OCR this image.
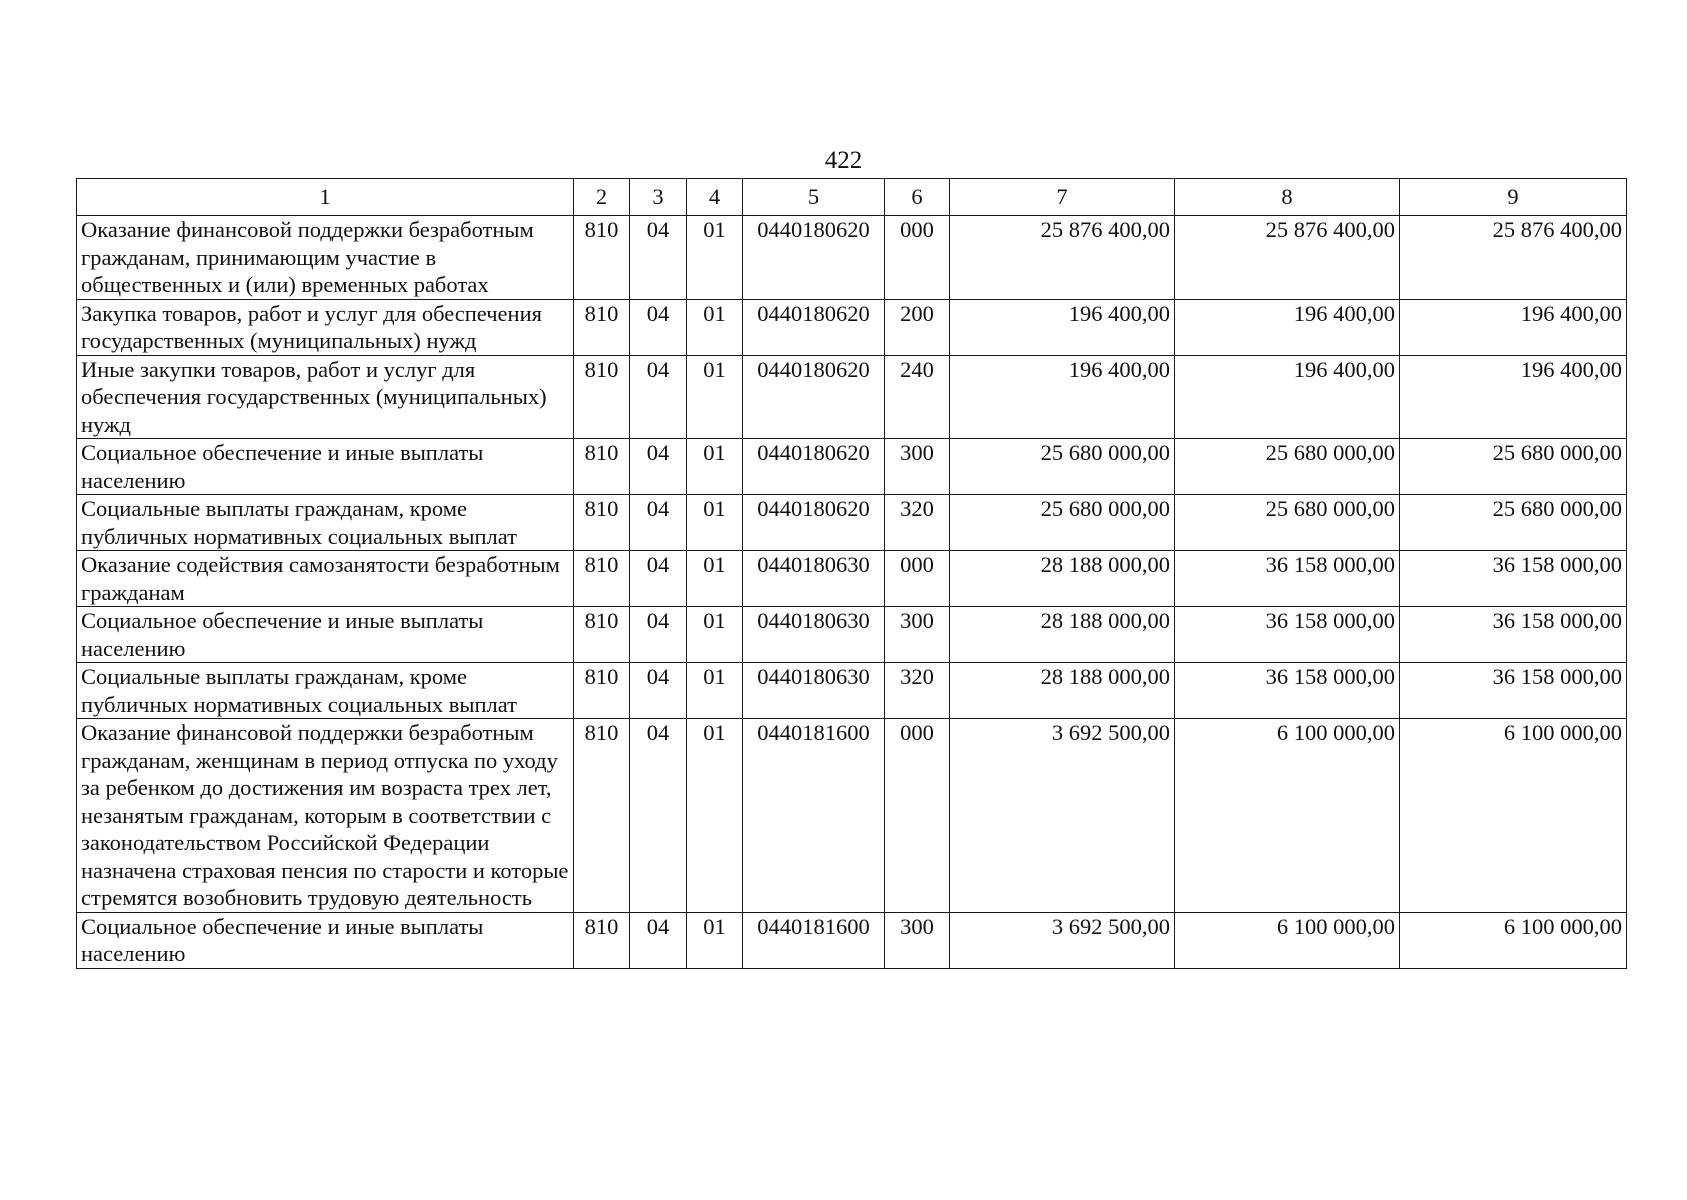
422
1	2	3	4	5	6	7	8	9
Оказание финансовой поддержки безработным гражданам, принимающим участие в общественных и (или) временных работах	810	04	01	0440180620	000	25 876 400,00	25 876 400,00	25 876 400,00
Закупка товаров, работ и услуг для обеспечения государственных (муниципальных) нужд	810	04	01	0440180620	200	196 400,00	196 400,00	196 400,00
Иные закупки товаров, работ и услуг для обеспечения государственных (муниципальных) нужд	810	04	01	0440180620	240	196 400,00	196 400,00	196 400,00
Социальное обеспечение и иные выплаты населению	810	04	01	0440180620	300	25 680 000,00	25 680 000,00	25 680 000,00
Социальные выплаты гражданам, кроме публичных нормативных социальных выплат	810	04	01	0440180620	320	25 680 000,00	25 680 000,00	25 680 000,00
Оказание содействия самозанятости безработным гражданам	810	04	01	0440180630	000	28 188 000,00	36 158 000,00	36 158 000,00
Социальное обеспечение и иные выплаты населению	810	04	01	0440180630	300	28 188 000,00	36 158 000,00	36 158 000,00
Социальные выплаты гражданам, кроме публичных нормативных социальных выплат	810	04	01	0440180630	320	28 188 000,00	36 158 000,00	36 158 000,00
Оказание финансовой поддержки безработным гражданам, женщинам в период отпуска по уходу за ребенком до достижения им возраста трех лет, незанятым гражданам, которым в соответствии с законодательством Российской Федерации назначена страховая пенсия по старости и которые стремятся возобновить трудовую деятельность	810	04	01	0440181600	000	3 692 500,00	6 100 000,00	6 100 000,00
Социальное обеспечение и иные выплаты населению	810	04	01	0440181600	300	3 692 500,00	6 100 000,00	6 100 000,00
